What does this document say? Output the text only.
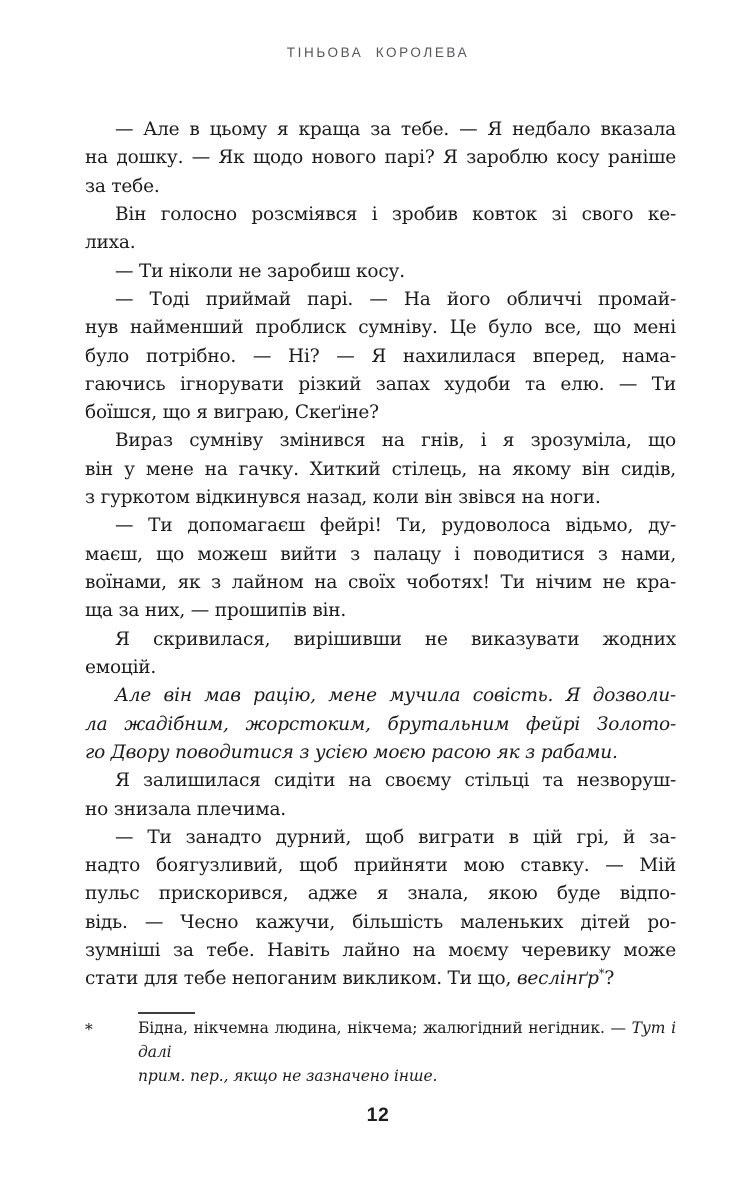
ТІНЬОВА КОРОЛЕВА
— Але в цьому я краща за тебе. — Я недбало вказала
на дошку. — Як щодо нового парі? Я зароблю косу раніше
за тебе.
Він голосно розсміявся і зробив ковток зі свого ке-
лиха.
— Ти ніколи не заробиш косу.
— Тоді приймай парі. — На його обличчі промай-
нув найменший проблиск сумніву. Це було все, що мені
було потрібно. — Ні? — Я нахилилася вперед, нама-
гаючись ігнорувати різкий запах худоби та елю. — Ти
боїшся, що я виграю, Скеґіне?
Вираз сумніву змінився на гнів, і я зрозуміла, що
він у мене на гачку. Хиткий стілець, на якому він сидів,
з гуркотом відкинувся назад, коли він звівся на ноги.
— Ти допомагаєш фейрі! Ти, рудоволоса відьмо, ду-
маєш, що можеш вийти з палацу і поводитися з нами,
воїнами, як з лайном на своїх чоботях! Ти нічим не кра-
ща за них, — прошипів він.
Я скривилася, вирішивши не виказувати жодних
емоцій.
Але він мав рацію, мене мучила совість. Я дозволи-
ла жадібним, жорстоким, брутальним фейрі Золото-
го Двору поводитися з усією моєю расою як з рабами.
Я залишилася сидіти на своєму стільці та незворуш-
но знизала плечима.
— Ти занадто дурний, щоб виграти в цій грі, й за-
надто боягузливий, щоб прийняти мою ставку. — Мій
пульс прискорився, адже я знала, якою буде відпо-
відь. — Чесно кажучи, більшість маленьких дітей ро-
зумніші за тебе. Навіть лайно на моєму черевику може
стати для тебе непоганим викликом. Ти що, веслінґр*?
*	Бідна, нікчемна людина, нікчема; жалюгідний негідник. — Тут і далі
прим. пер., якщо не зазначено інше.
12
